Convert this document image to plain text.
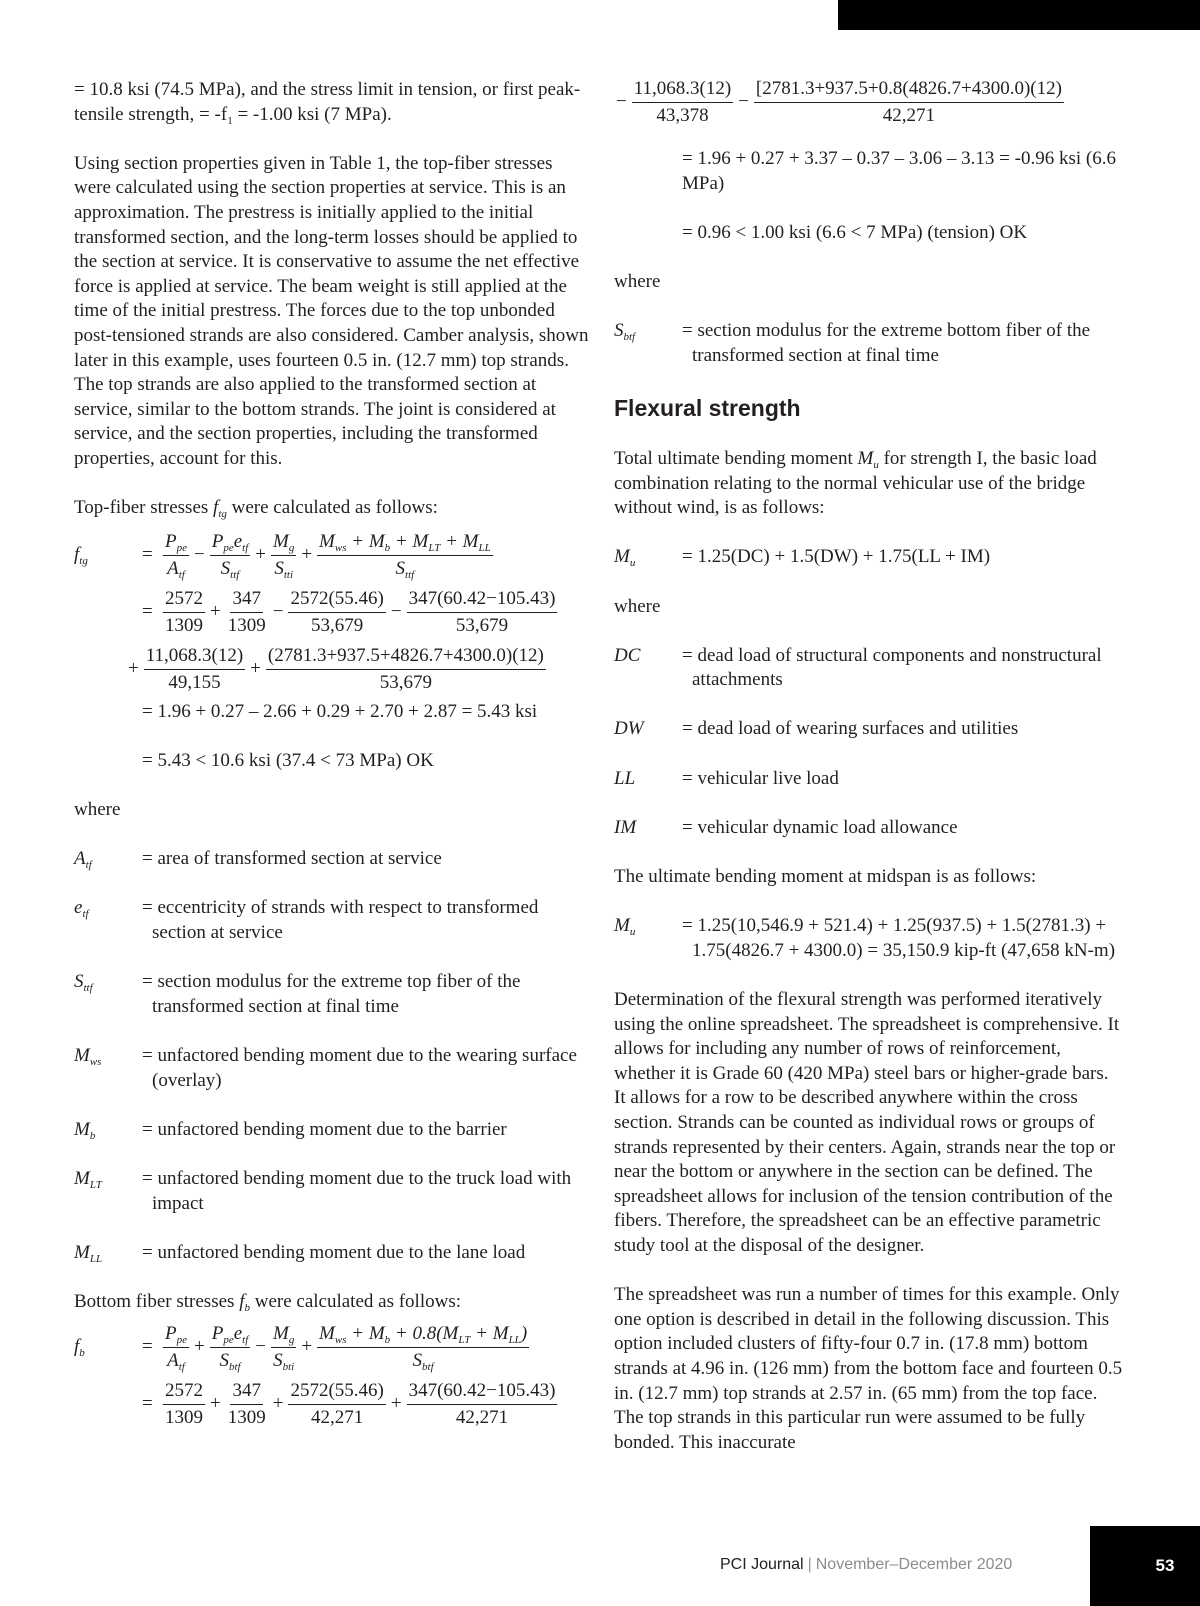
= 10.8 ksi (74.5 MPa), and the stress limit in tension, or first peak-tensile strength, = $-f_1 = -1.00$ ksi (7 MPa).

Using section properties given in Table 1, the top-fiber stresses were calculated using the section properties at service. This is an approximation. The prestress is initially applied to the initial transformed section, and the long-term losses should be applied to the section at service. It is conservative to assume the net effective force is applied at service. The beam weight is still applied at the time of the initial prestress. The forces due to the top unbonded post-tensioned strands are also considered. Camber analysis, shown later in this example, uses fourteen 0.5 in. (12.7 mm) top strands. The top strands are also applied to the transformed section at service, similar to the bottom strands. The joint is considered at service, and the section properties, including the transformed properties, account for this.

Top-fiber stresses $f_{tg}$ were calculated as follows:

$f_{tg}$	= $\frac{P_{pe}}{A_{tf}} - \frac{P_{pe}e_{tf}}{S_{ttf}} + \frac{M_g}{S_{tti}} + \frac{M_{ws} + M_b + M_{LT} + M_{LL}}{S_{ttf}}$
= $\frac{2572}{1309} + \frac{347}{1309} - \frac{2572(55.46)}{53,679} - \frac{347(60.42-105.43)}{53,679}$
+ $\frac{11,068.3(12)}{49,155} + \frac{(2781.3+937.5+4826.7+4300.0)(12)}{53,679}$
= 1.96 + 0.27 – 2.66 + 0.29 + 2.70 + 2.87 = 5.43 ksi
= 5.43 < 10.6 ksi (37.4 < 73 MPa) OK

where

$A_{tf}$	= area of transformed section at service
$e_{tf}$	= eccentricity of strands with respect to transformed section at service
$S_{ttf}$	= section modulus for the extreme top fiber of the transformed section at final time
$M_{ws}$	= unfactored bending moment due to the wearing surface (overlay)
$M_b$	= unfactored bending moment due to the barrier
$M_{LT}$	= unfactored bending moment due to the truck load with impact
$M_{LL}$	= unfactored bending moment due to the lane load

Bottom fiber stresses $f_b$ were calculated as follows:

$f_b$	= $\frac{P_{pe}}{A_{tf}} + \frac{P_{pe}e_{tf}}{S_{btf}} - \frac{M_g}{S_{bti}} + \frac{M_{ws} + M_b + 0.8(M_{LT} + M_{LL})}{S_{btf}}$
= $\frac{2572}{1309} + \frac{347}{1309} + \frac{2572(55.46)}{42,271} + \frac{347(60.42-105.43)}{42,271}$
− $\frac{11,068.3(12)}{43,378} - \frac{[2781.3+937.5+0.8(4826.7+4300.0)(12)}{42,271}$
= 1.96 + 0.27 + 3.37 – 0.37 – 3.06 – 3.13 = -0.96 ksi (6.6 MPa)
= 0.96 < 1.00 ksi (6.6 < 7 MPa) (tension) OK

where

$S_{btf}$	= section modulus for the extreme bottom fiber of the transformed section at final time
Flexural strength

Total ultimate bending moment $M_u$ for strength I, the basic load combination relating to the normal vehicular use of the bridge without wind, is as follows:

$M_u$	= 1.25(DC) + 1.5(DW) + 1.75(LL + IM)

where

DC	= dead load of structural components and nonstructural attachments
DW	= dead load of wearing surfaces and utilities
LL	= vehicular live load
IM	= vehicular dynamic load allowance

The ultimate bending moment at midspan is as follows:

$M_u$	= 1.25(10,546.9 + 521.4) + 1.25(937.5) + 1.5(2781.3) + 1.75(4826.7 + 4300.0) = 35,150.9 kip-ft (47,658 kN-m)

Determination of the flexural strength was performed iteratively using the online spreadsheet. The spreadsheet is comprehensive. It allows for including any number of rows of reinforcement, whether it is Grade 60 (420 MPa) steel bars or higher-grade bars. It allows for a row to be described anywhere within the cross section. Strands can be counted as individual rows or groups of strands represented by their centers. Again, strands near the top or near the bottom or anywhere in the section can be defined. The spreadsheet allows for inclusion of the tension contribution of the fibers. Therefore, the spreadsheet can be an effective parametric study tool at the disposal of the designer.

The spreadsheet was run a number of times for this example. Only one option is described in detail in the following discussion. This option included clusters of fifty-four 0.7 in. (17.8 mm) bottom strands at 4.96 in. (126 mm) from the bottom face and fourteen 0.5 in. (12.7 mm) top strands at 2.57 in. (65 mm) from the top face. The top strands in this particular run were assumed to be fully bonded. This inaccurate

PCI Journal | November–December 2020	53
